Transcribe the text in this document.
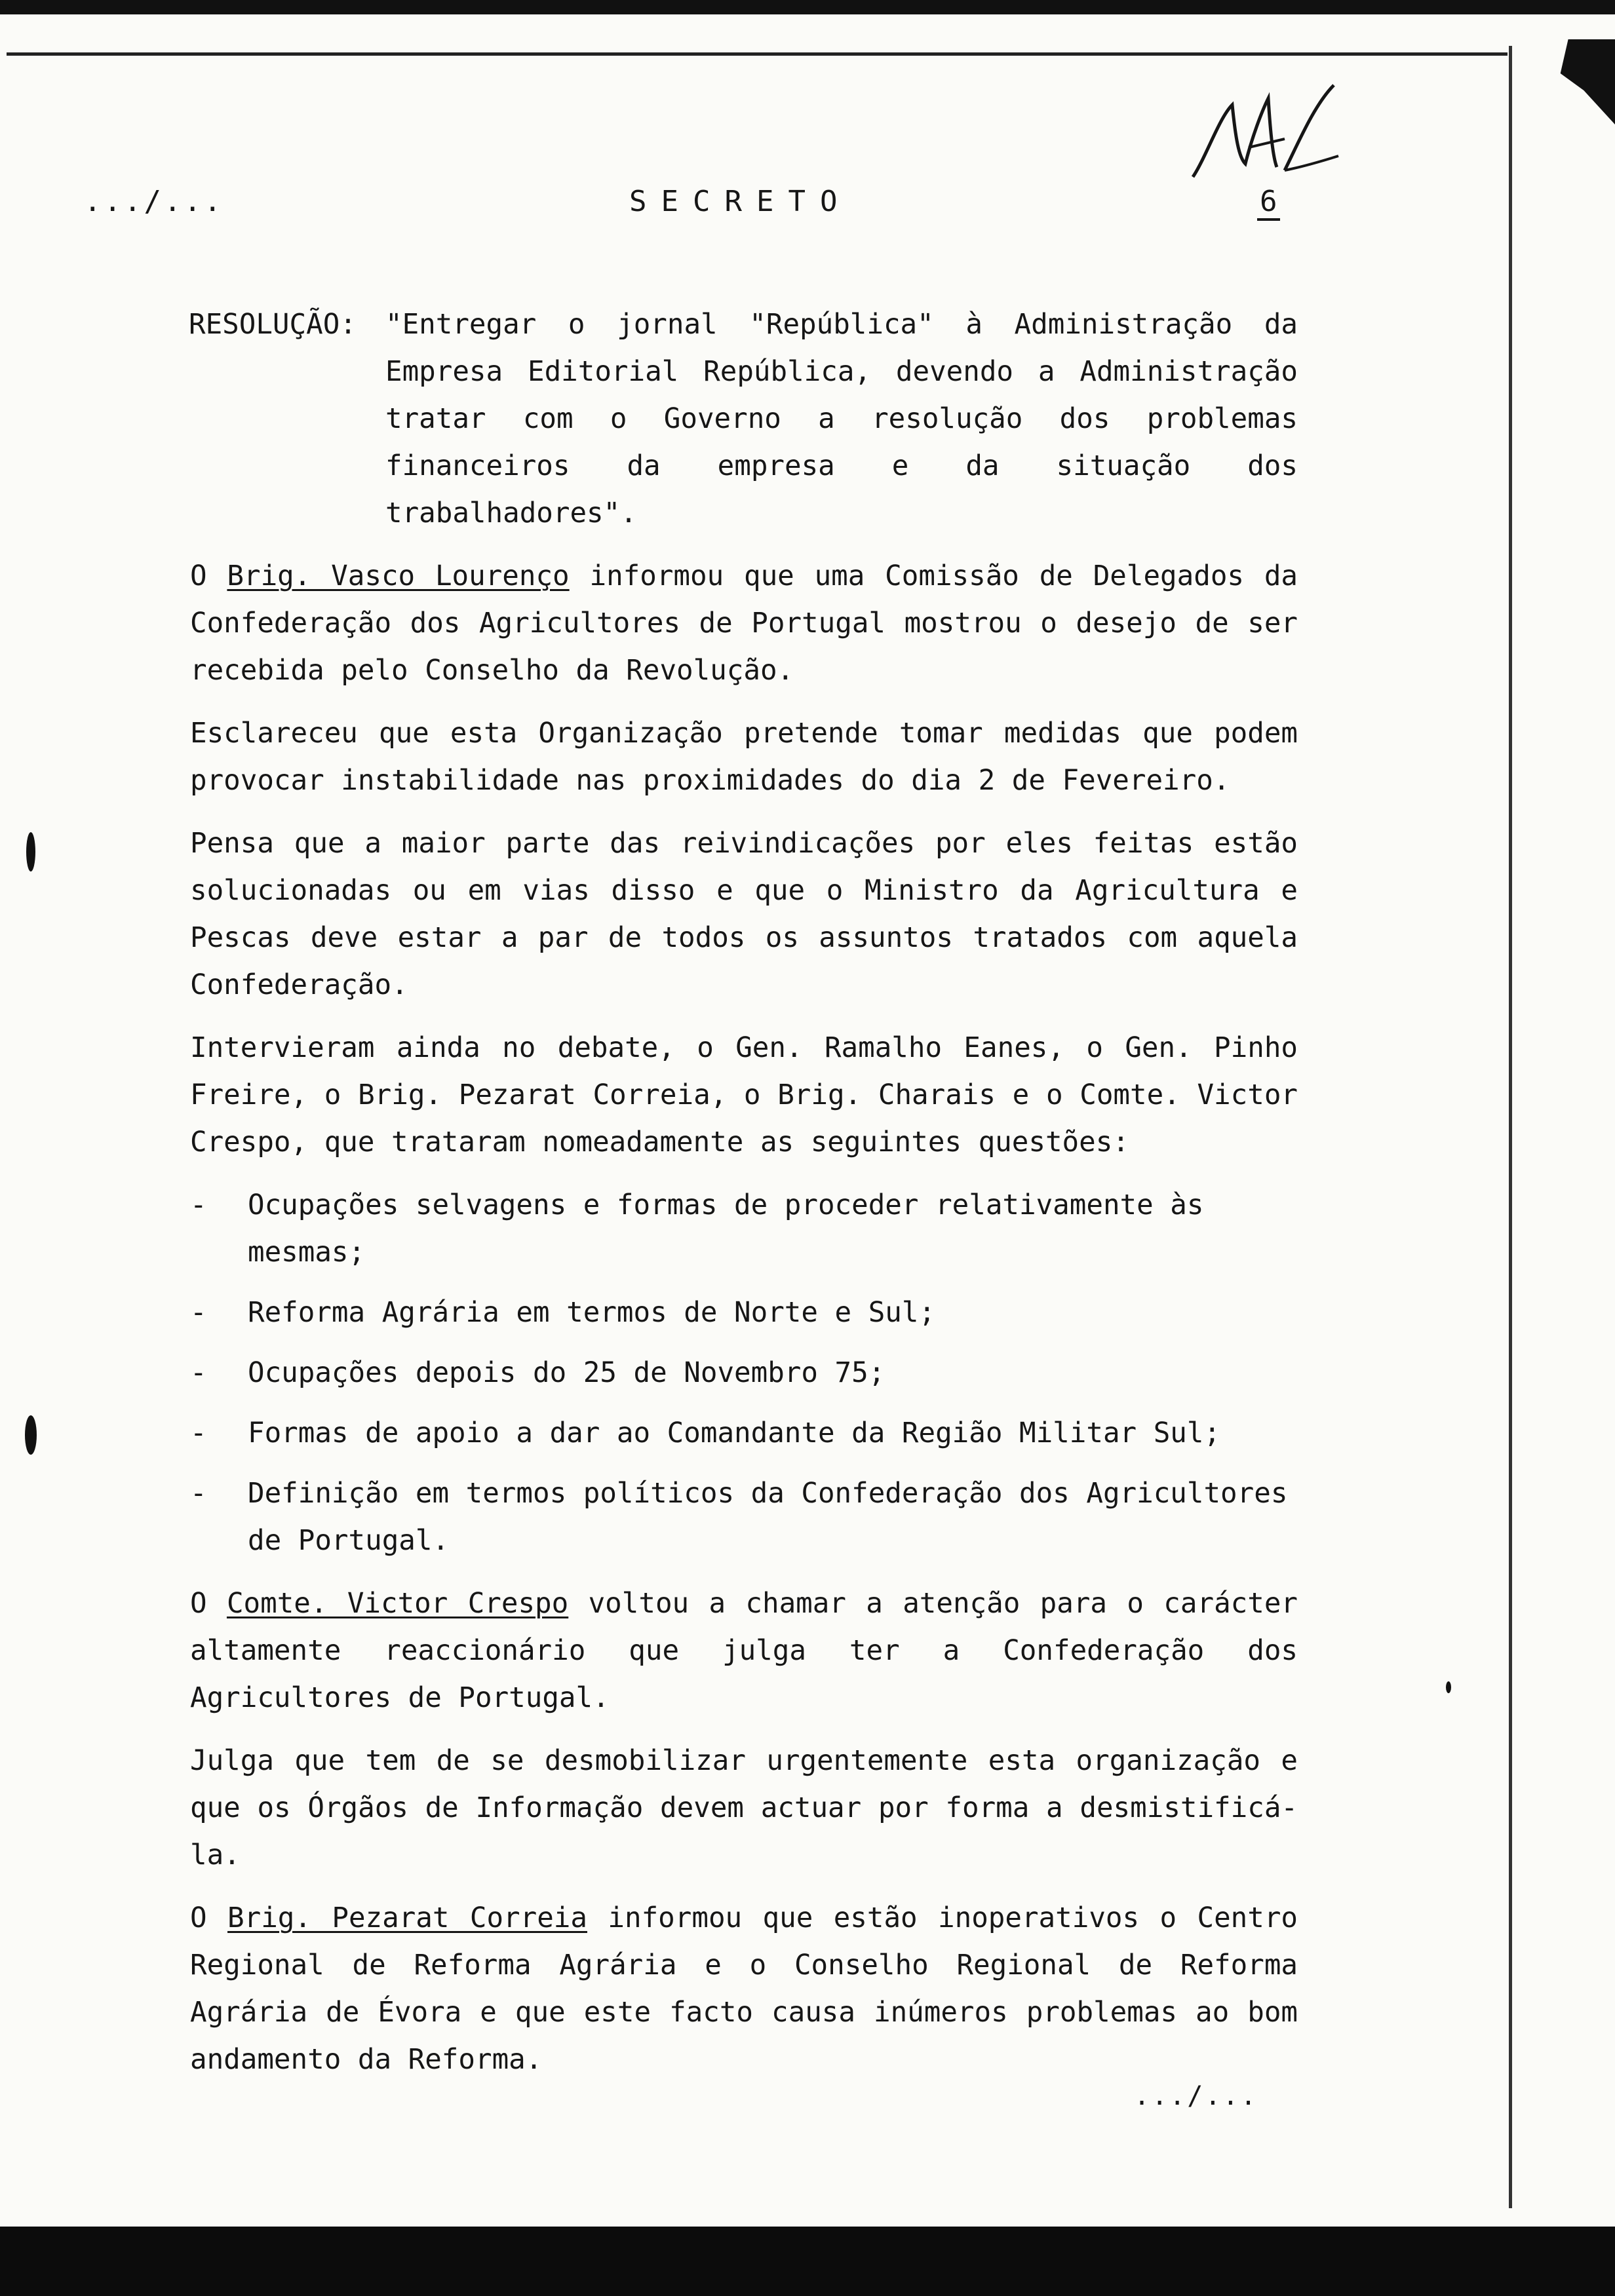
.../...	SECRETO	6
RESOLUÇÃO:	"Entregar o jornal "República" à Administração da Empresa Editorial República, devendo a Administração tratar com o Governo a resolução dos problemas financeiros da empresa e da situação dos trabalhadores".

O Brig. Vasco Lourenço informou que uma Comissão de Delegados da Confederação dos Agricultores de Portugal mostrou o desejo de ser recebida pelo Conselho da Revolução.

Esclareceu que esta Organização pretende tomar medidas que podem provocar instabilidade nas proximidades do dia 2 de Fevereiro.

Pensa que a maior parte das reivindicações por eles feitas estão solucionadas ou em vias disso e que o Ministro da Agricultura e Pescas deve estar a par de todos os assuntos tratados com aquela Confederação.

Intervieram ainda no debate, o Gen. Ramalho Eanes, o Gen. Pinho Freire, o Brig. Pezarat Correia, o Brig. Charais e o Comte. Victor Crespo, que trataram nomeadamente as seguintes questões:

-	Ocupações selvagens e formas de proceder relativamente às mesmas;
-	Reforma Agrária em termos de Norte e Sul;
-	Ocupações depois do 25 de Novembro 75;
-	Formas de apoio a dar ao Comandante da Região Militar Sul;
-	Definição em termos políticos da Confederação dos Agricultores de Portugal.

O Comte. Victor Crespo voltou a chamar a atenção para o carácter altamente reaccionário que julga ter a Confederação dos Agricultores de Portugal.

Julga que tem de se desmobilizar urgentemente esta organização e que os Órgãos de Informação devem actuar por forma a desmistificá-la.

O Brig. Pezarat Correia informou que estão inoperativos o Centro Regional de Reforma Agrária e o Conselho Regional de Reforma Agrária de Évora e que este facto causa inúmeros problemas ao bom andamento da Reforma.

.../...
